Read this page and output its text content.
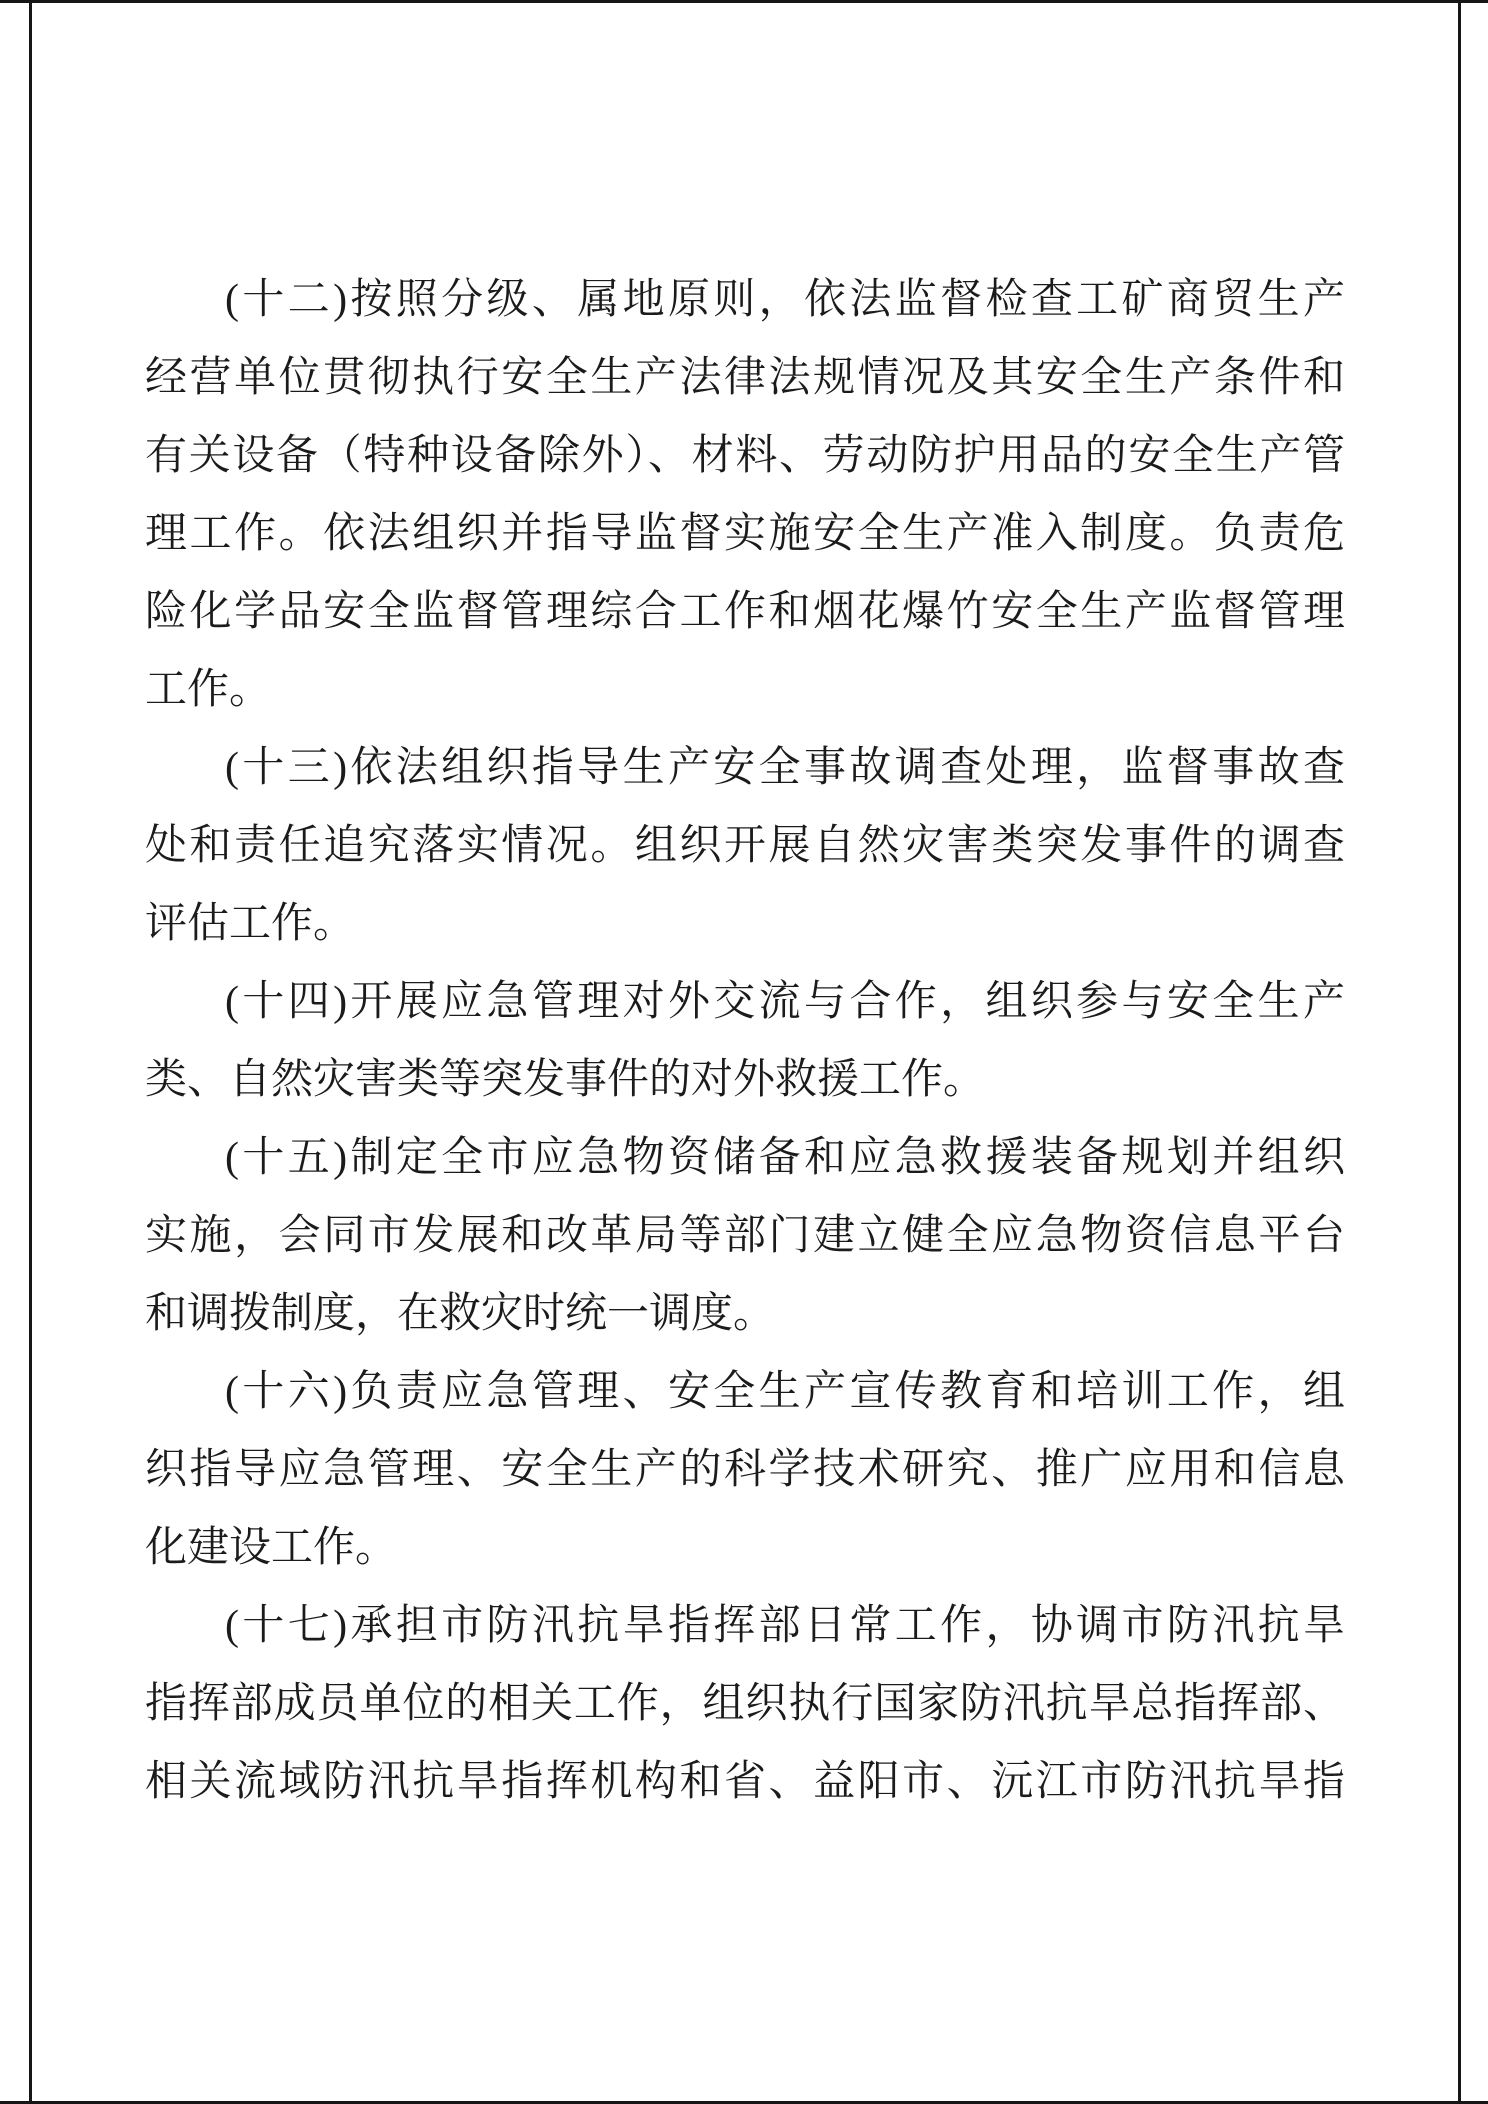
(十二)按照分级、属地原则，依法监督检查工矿商贸生产
经营单位贯彻执行安全生产法律法规情况及其安全生产条件和
有关设备（特种设备除外）、材料、劳动防护用品的安全生产管
理工作。依法组织并指导监督实施安全生产准入制度。负责危
险化学品安全监督管理综合工作和烟花爆竹安全生产监督管理
工作。
(十三)依法组织指导生产安全事故调查处理，监督事故查
处和责任追究落实情况。组织开展自然灾害类突发事件的调查
评估工作。
(十四)开展应急管理对外交流与合作，组织参与安全生产
类、自然灾害类等突发事件的对外救援工作。
(十五)制定全市应急物资储备和应急救援装备规划并组织
实施，会同市发展和改革局等部门建立健全应急物资信息平台
和调拨制度，在救灾时统一调度。
(十六)负责应急管理、安全生产宣传教育和培训工作，组
织指导应急管理、安全生产的科学技术研究、推广应用和信息
化建设工作。
(十七)承担市防汛抗旱指挥部日常工作，协调市防汛抗旱
指挥部成员单位的相关工作，组织执行国家防汛抗旱总指挥部、
相关流域防汛抗旱指挥机构和省、益阳市、沅江市防汛抗旱指
